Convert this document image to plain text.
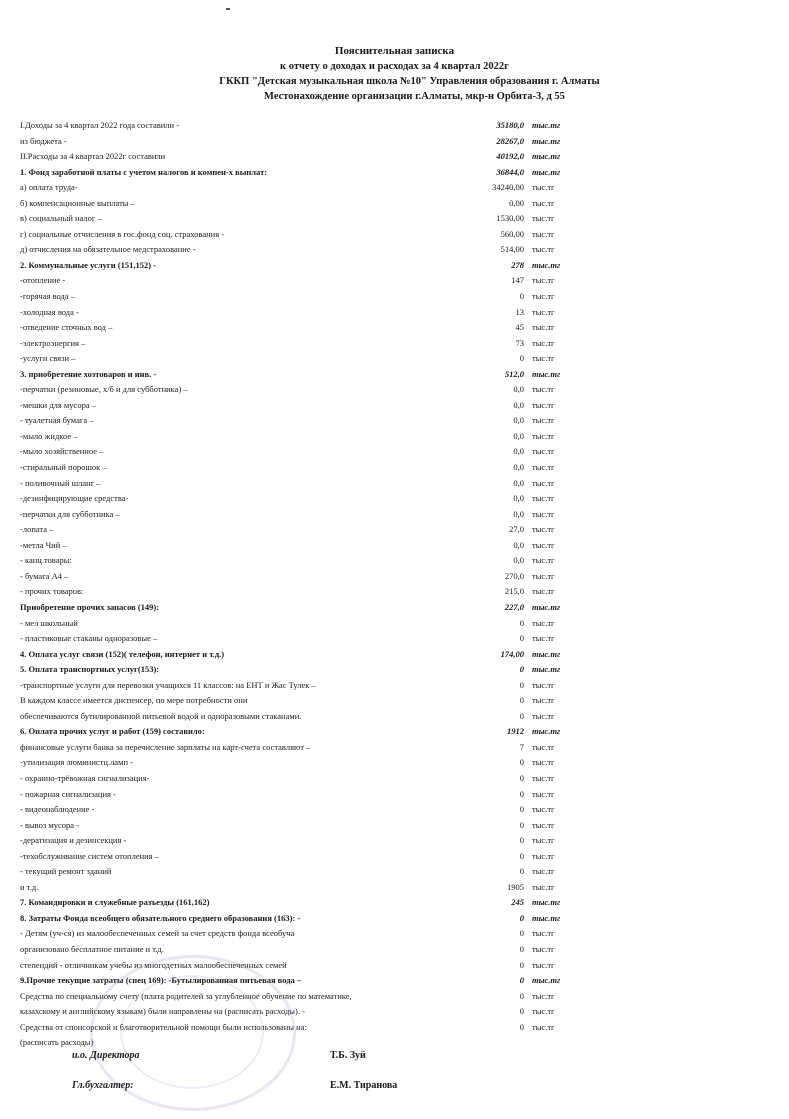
Пояснительная записка
к отчету о доходах и расходах за 4 квартал 2022г
ГККП "Детская музыкальная школа №10" Управления образования г. Алматы
Местонахождение организации г.Алматы, мкр-н Орбита-3, д 55
I.Доходы за 4 квартал 2022 года составили -	35180,0 тыс.тг
из бюджета -	28267,0 тыс.тг
II.Расходы за 4 квартал 2022г составили	40192,0 тыс.тг
1. Фонд заработной платы с учетом налогов и компен-х выплат:	36844,0 тыс.тг
а) оплата труда-	34240,00 тыс.тг
б) компенсационные выплаты –	0,00 тыс.тг
в) социальный налог –	1530,00 тыс.тг
г) социальные отчисления в гос.фонд соц. страхования -	560,00 тыс.тг
д) отчисления на обязательное медстрахование -	514,00 тыс.тг
2. Коммунальные услуги (151,152) -	278 тыс.тг
-отопление -	147 тыс.тг
-горячая вода –	0 тыс.тг
-холодная вода -	13 тыс.тг
-отведение сточных вод –	45 тыс.тг
-электроэнергия –	73 тыс.тг
-услуги связи –	0 тыс.тг
3. приобретение хозтоваров и инв. -	512,0 тыс.тг
-перчатки (резиновые, х/б и для субботника) –	0,0 тыс.тг
-мешки для мусора –	0,0 тыс.тг
- туалетная бумага –	0,0 тыс.тг
-мыло жидкое –	0,0 тыс.тг
-мыло хозяйственное –	0,0 тыс.тг
-стиральный порошок –	0,0 тыс.тг
- поливочный шланг –	0,0 тыс.тг
-дезинфицирующие средства-	0,0 тыс.тг
-перчатки для субботника –	0,0 тыс.тг
-лопата –	27,0 тыс.тг
-метла Чий –	0,0 тыс.тг
- канц.товары:	0,0 тыс.тг
- бумага А4 –	270,0 тыс.тг
- прочих товаров:	215,0 тыс.тг
Приобретение прочих запасов (149):	227,0 тыс.тг
- мел школьный	0 тыс.тг
- пластиковые стаканы одноразовые –	0 тыс.тг
4. Оплата услуг связи (152)( телефон, интернет и т.д.)	174,00 тыс.тг
5. Оплата транспортных услуг(153):	0 тыс.тг
-транспортные услуги для перевозки учащихся 11 классов: на ЕНТ и Жас Тулек –	0 тыс.тг
В каждом классе имеется диспенсер, по мере потребности они	0 тыс.тг
обеспечиваются бутилированной питьевой водой и одноразовыми стаканами.	0 тыс.тг
6. Оплата прочих услуг и работ (159) составило:	1912 тыс.тг
финансовые услуги банка за перечисление зарплаты на карт-счета составляют –	7 тыс.тг
-утилизация люминистц.ламп -	0 тыс.тг
- охранно-трёвожная сигнализация-	0 тыс.тг
- пожарная сигнализация -	0 тыс.тг
- видеонаблюдение -	0 тыс.тг
- вывоз мусора -	0 тыс.тг
-дератизация и дезинсекция -	0 тыс.тг
-техобслуживание систем отопления –	0 тыс.тг
- текущий ремонт зданий	0 тыс.тг
и т.д.	1905 тыс.тг
7. Командировки и служебные разъезды (161,162)	245 тыс.тг
8. Затраты Фонда всеобщего обязательного среднего образования (163): -	0 тыс.тг
- Детям (уч-ся) из малообеспеченных семей за счет средств фонда всеобуча	0 тыс.тг
организовано бесплатное питание и т.д.	0 тыс.тг
степендий - отличникам учебы из многодетных малообеспеченных семей	0 тыс.тг
9.Прочие текущие затраты (спец 169): -Бутылированная питьевая вода –	0 тыс.тг
Средства по специальному счету (плата родителей за углубленное обучение по математике,	0 тыс.тг
казахскому и английскому языкам) были направлены на (расписать расходы). -	0 тыс.тг
Средства от спонсорской и благотворительной помощи были использованы на:	0 тыс.тг
(расписать расходы)
и.о. Директора	Т.Б. Зуй
Гл.бухгалтер:	Е.М. Тиранова
